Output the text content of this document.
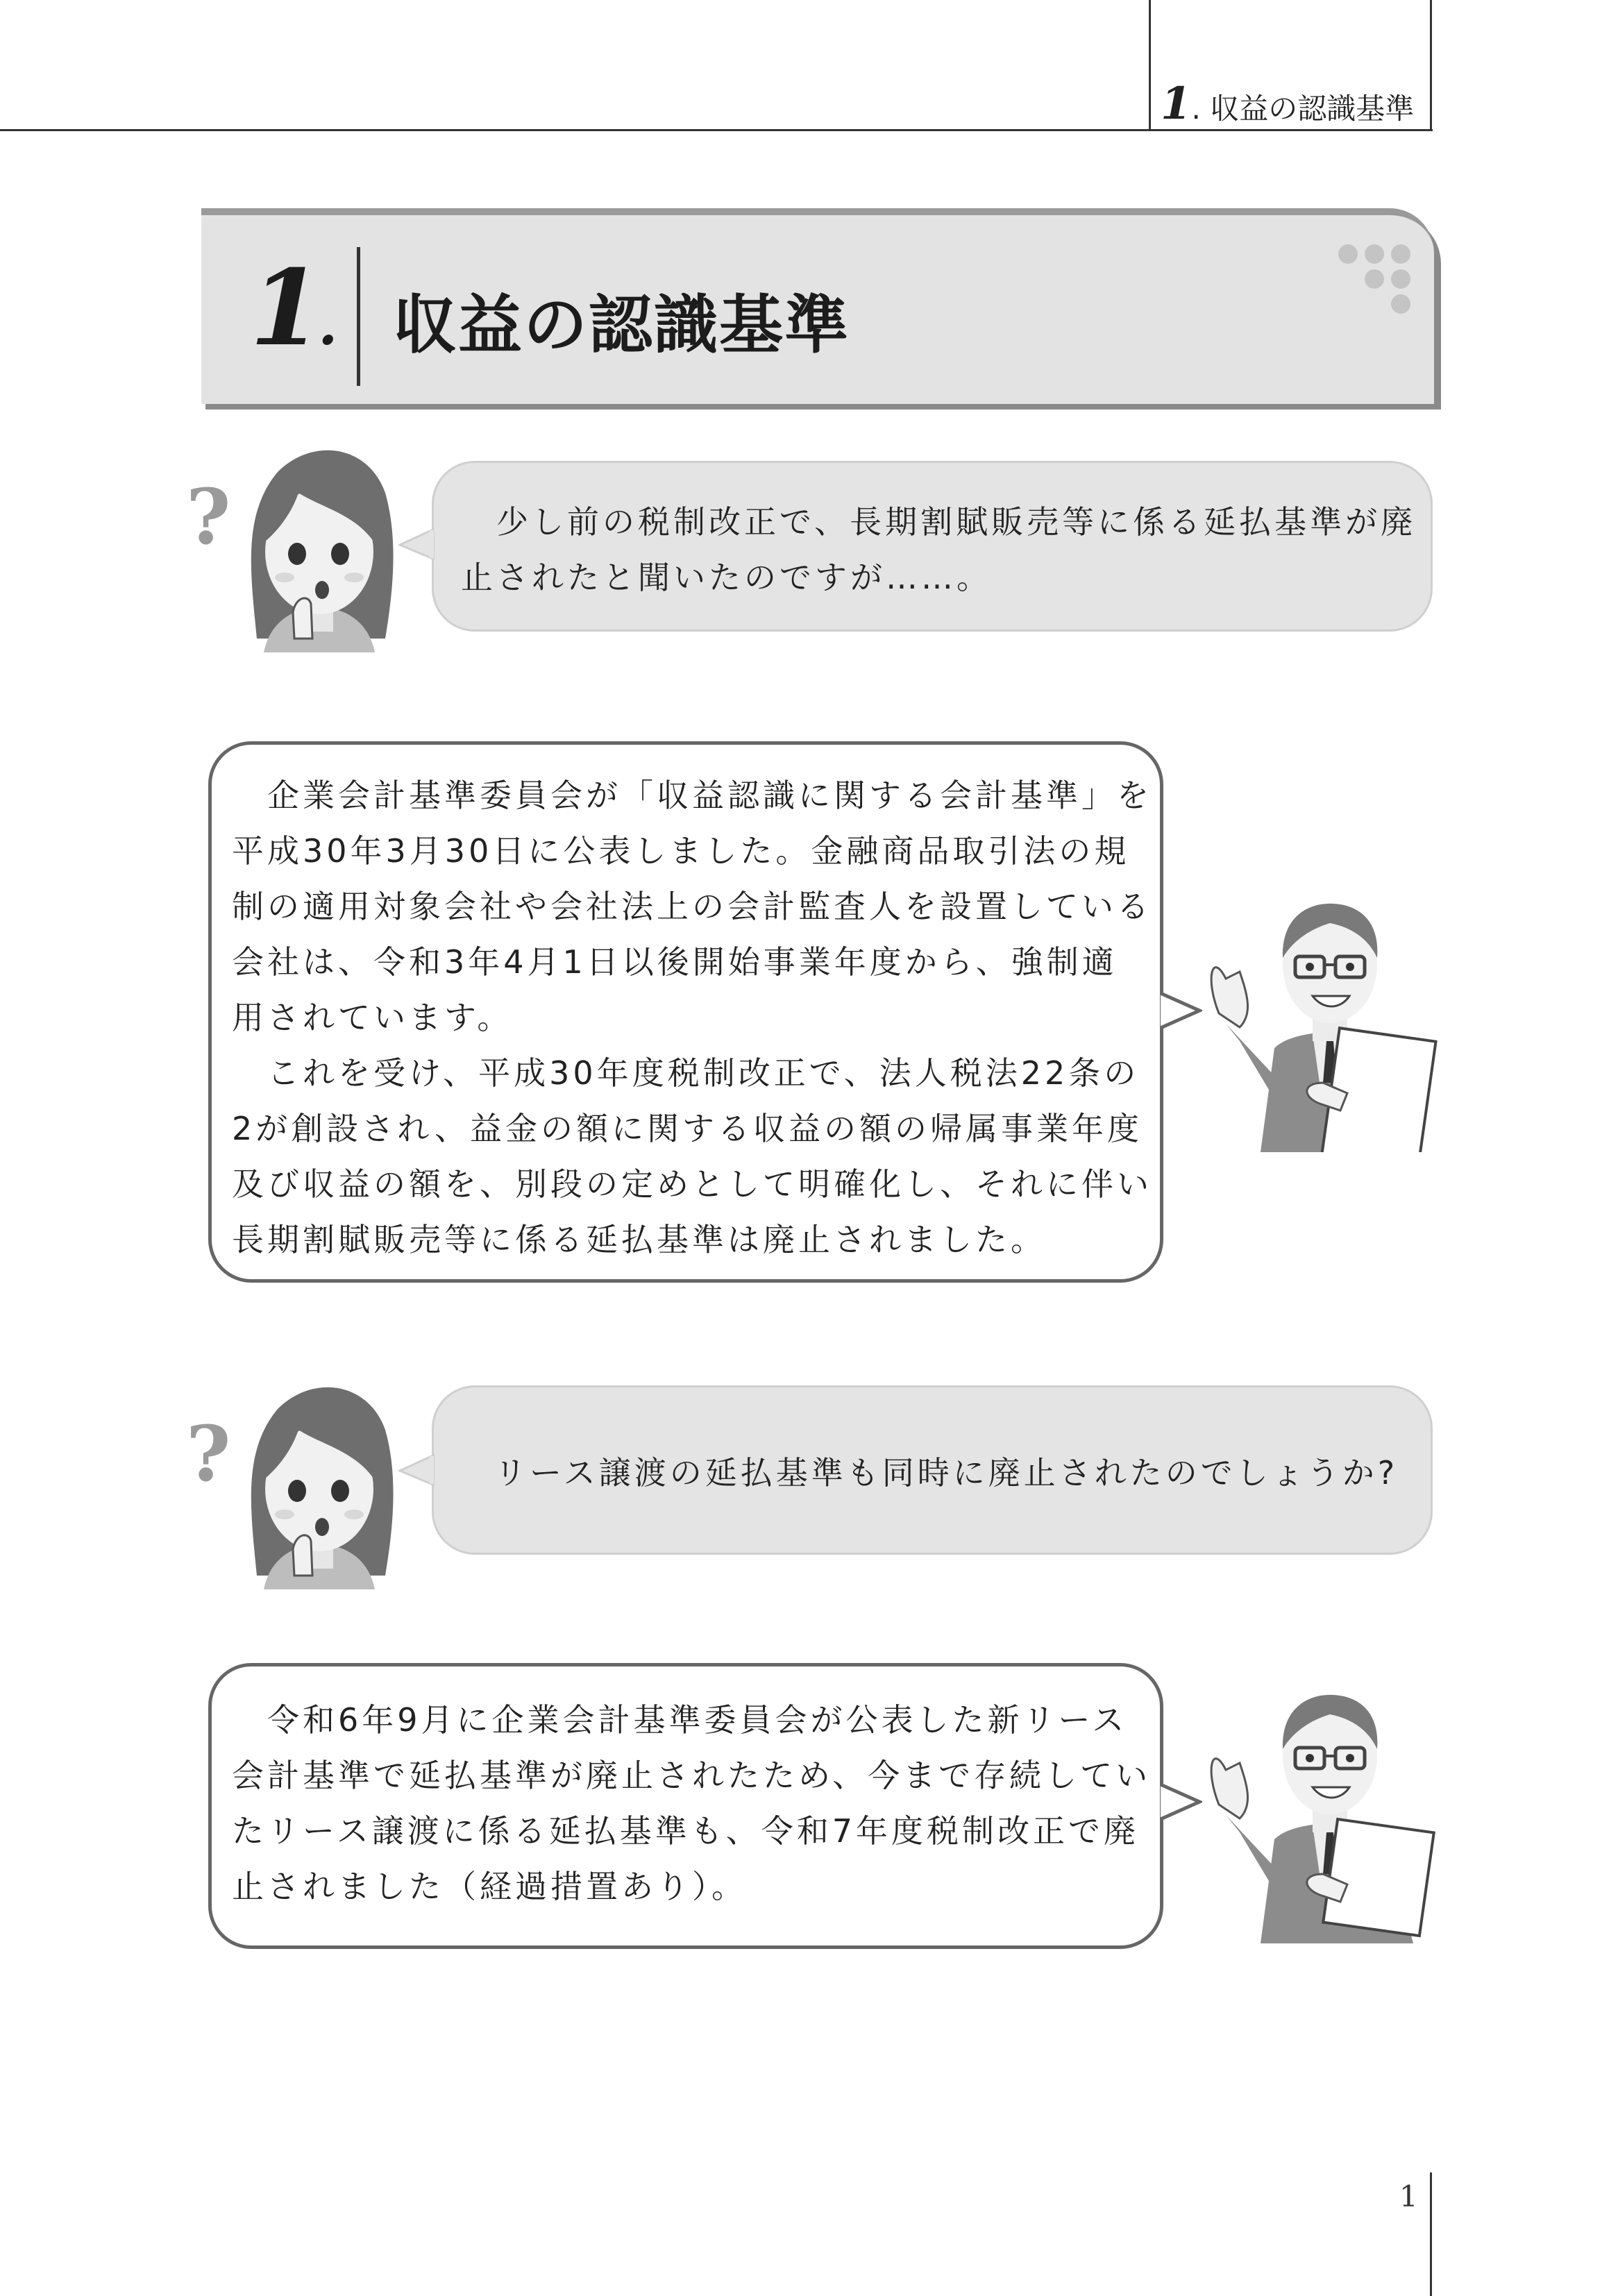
1. 収益の認識基準
1. 収益の認識基準
?	　少し前の税制改正で、長期割賦販売等に係る延払基準が廃
止されたと聞いたのですが……。
　企業会計基準委員会が「収益認識に関する会計基準」を
平成30年3月30日に公表しました。金融商品取引法の規
制の適用対象会社や会社法上の会計監査人を設置している
会社は、令和3年4月1日以後開始事業年度から、強制適
用されています。
　これを受け、平成30年度税制改正で、法人税法22条の
2が創設され、益金の額に関する収益の額の帰属事業年度
及び収益の額を、別段の定めとして明確化し、それに伴い
長期割賦販売等に係る延払基準は廃止されました。
?	リース譲渡の延払基準も同時に廃止されたのでしょうか?
　令和6年9月に企業会計基準委員会が公表した新リース
会計基準で延払基準が廃止されたため、今まで存続してい
たリース譲渡に係る延払基準も、令和7年度税制改正で廃
止されました（経過措置あり）。
1
